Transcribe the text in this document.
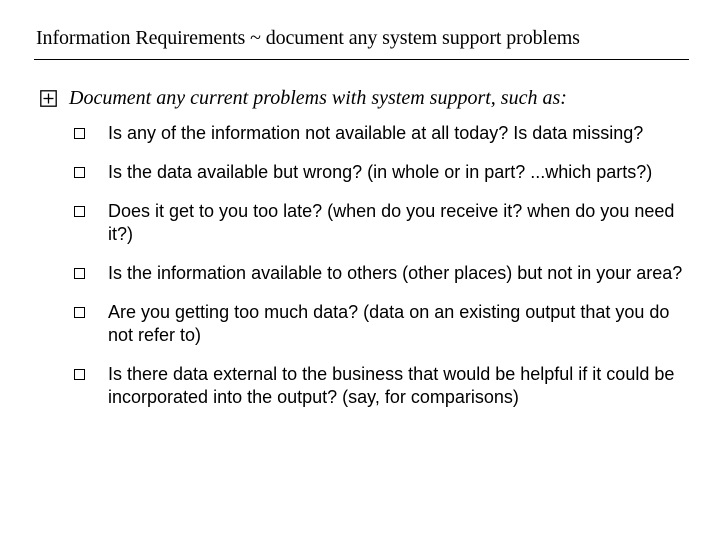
Information Requirements ~ document any system support problems
Document any current problems with system support, such as:
Is any of the information not available at all today? Is data missing?
Is the data available but wrong? (in whole or in part? ...which parts?)
Does it get to you too late? (when do you receive it? when do you need it?)
Is the information available to others (other places) but not in your area?
Are you getting too much data? (data on an existing output that you do not refer to)
Is there data external to the business that would be helpful if it could be incorporated into the output? (say, for comparisons)
